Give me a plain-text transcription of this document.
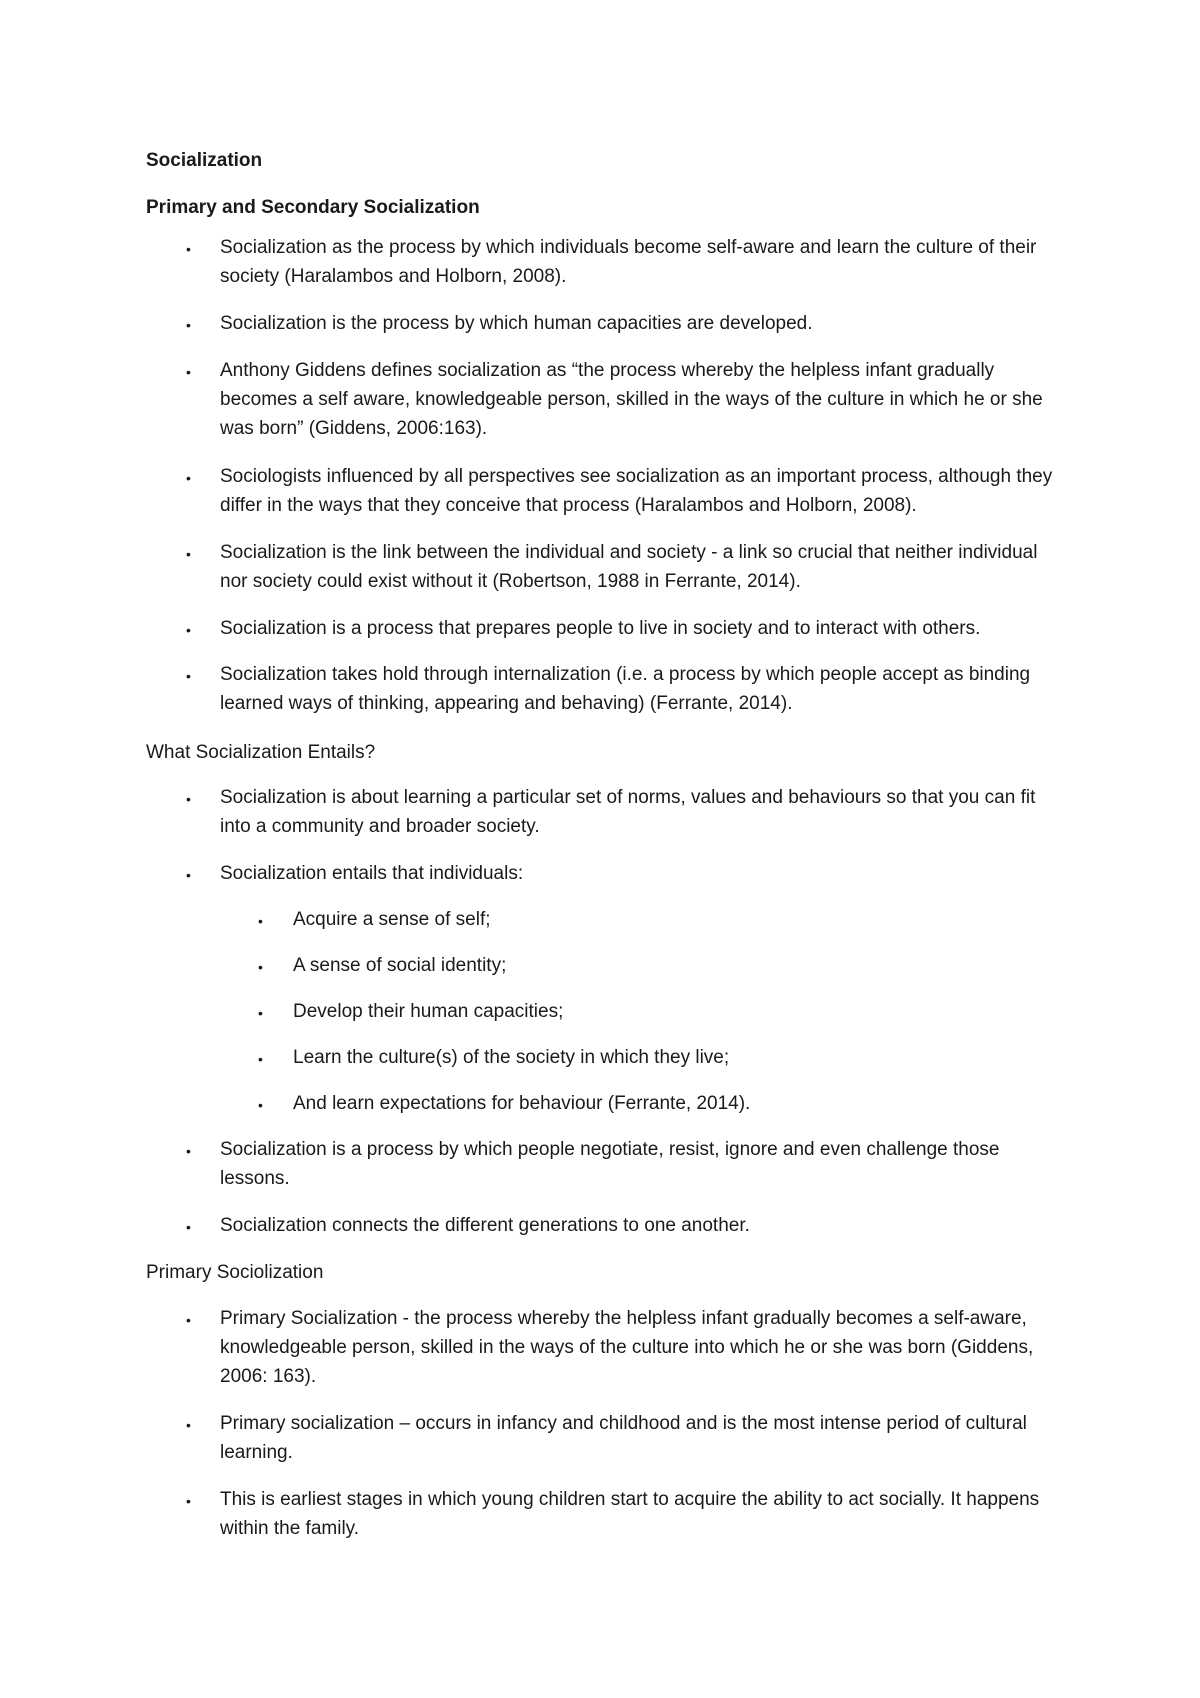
Socialization
Primary and Secondary Socialization
• Socialization as the process by which individuals become self-aware and learn the culture of their society (Haralambos and Holborn, 2008).
• Socialization is the process by which human capacities are developed.
• Anthony Giddens defines socialization as “the process whereby the helpless infant gradually becomes a self aware, knowledgeable person, skilled in the ways of the culture in which he or she was born” (Giddens, 2006:163).
• Sociologists influenced by all perspectives see socialization as an important process, although they differ in the ways that they conceive that process (Haralambos and Holborn, 2008).
• Socialization is the link between the individual and society - a link so crucial that neither individual nor society could exist without it (Robertson, 1988 in Ferrante, 2014).
• Socialization is a process that prepares people to live in society and to interact with others.
• Socialization takes hold through internalization (i.e. a process by which people accept as binding learned ways of thinking, appearing and behaving) (Ferrante, 2014).
What Socialization Entails?
• Socialization is about learning a particular set of norms, values and behaviours so that you can fit into a community and broader society.
• Socialization entails that individuals:
• Acquire a sense of self;
• A sense of social identity;
• Develop their human capacities;
• Learn the culture(s) of the society in which they live;
• And learn expectations for behaviour (Ferrante, 2014).
• Socialization is a process by which people negotiate, resist, ignore and even challenge those lessons.
• Socialization connects the different generations to one another.
Primary Sociolization
• Primary Socialization - the process whereby the helpless infant gradually becomes a self-aware, knowledgeable person, skilled in the ways of the culture into which he or she was born (Giddens, 2006: 163).
• Primary socialization – occurs in infancy and childhood and is the most intense period of cultural learning.
• This is earliest stages in which young children start to acquire the ability to act socially. It happens within the family.
